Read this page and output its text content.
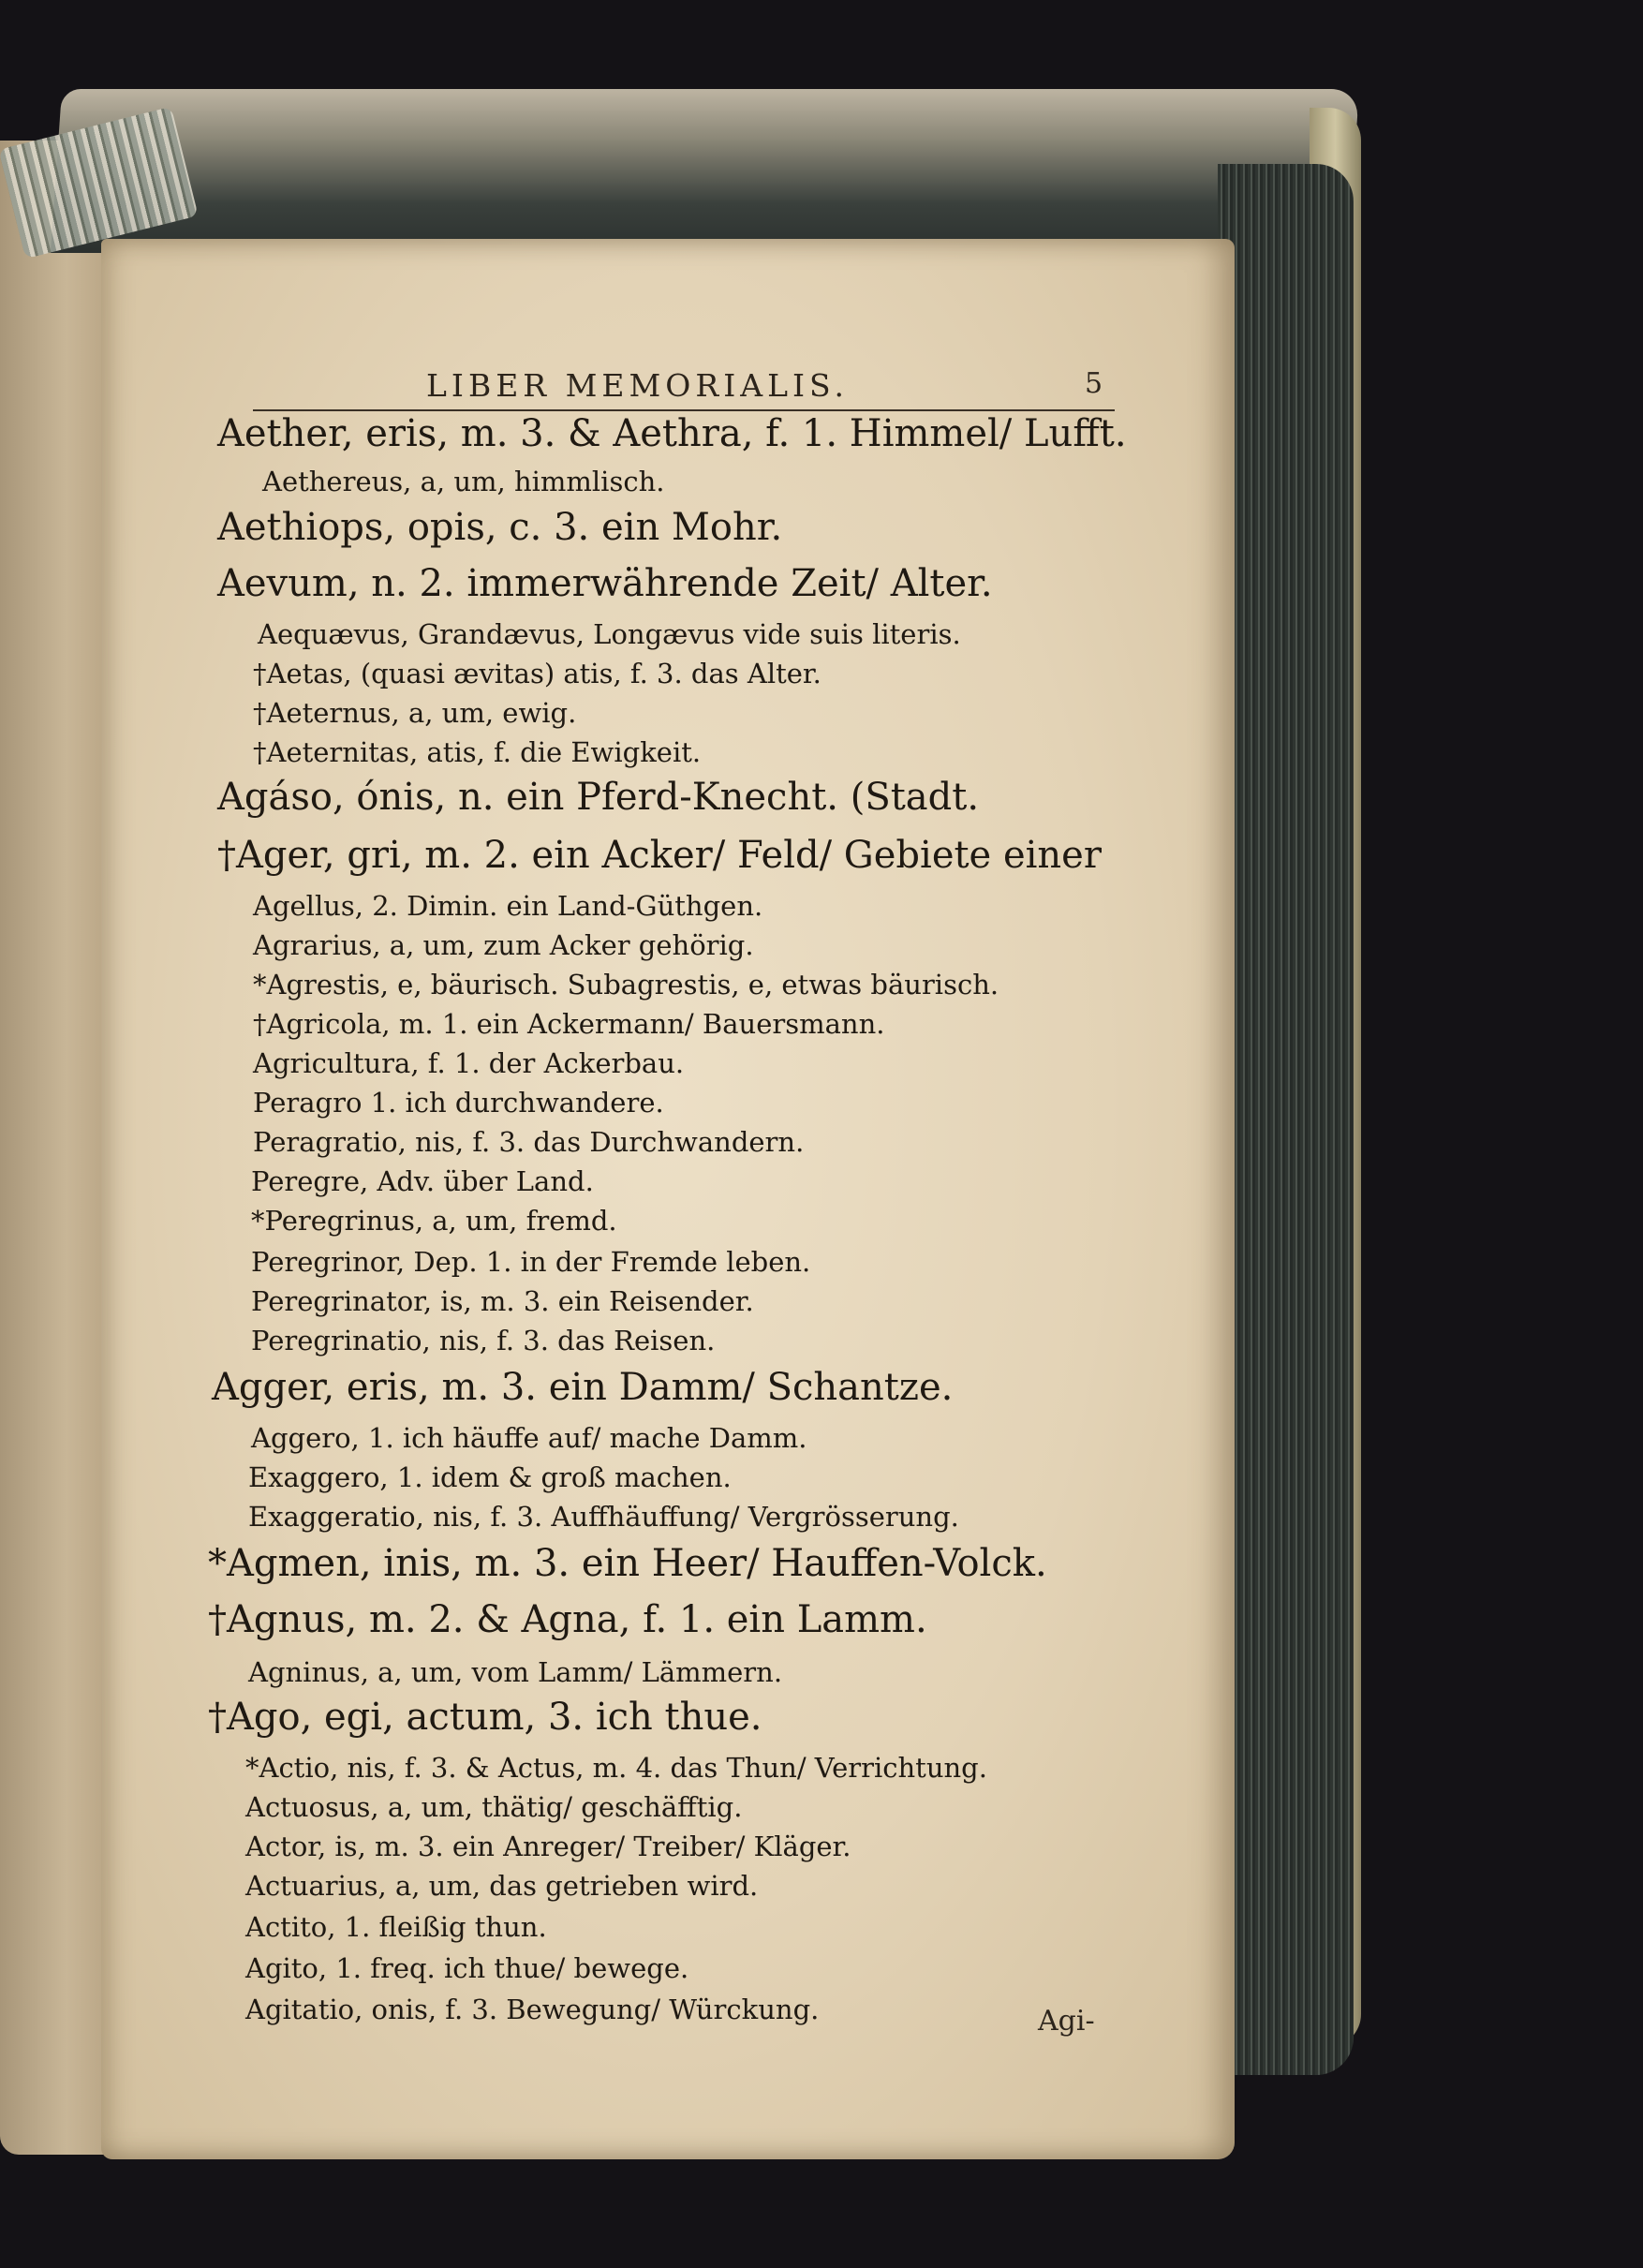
LIBER MEMORIALIS.	5
Aether, eris, m. 3. & Aethra, f. 1. Himmel/ Lufft.
Aethereus, a, um, himmlisch.
Aethiops, opis, c. 3. ein Mohr.
Aevum, n. 2. immerwährende Zeit/ Alter.
Aequævus, Grandævus, Longævus vide suis literis.
†Aetas, (quasi ævitas) atis, f. 3. das Alter.
†Aeternus, a, um, ewig.
†Aeternitas, atis, f. die Ewigkeit.
Agáso, ónis, n. ein Pferd-Knecht. (Stadt.
†Ager, gri, m. 2. ein Acker/ Feld/ Gebiete einer
Agellus, 2. Dimin. ein Land-Güthgen.
Agrarius, a, um, zum Acker gehörig.
*Agrestis, e, bäurisch. Subagrestis, e, etwas bäurisch.
†Agricola, m. 1. ein Ackermann/ Bauersmann.
Agricultura, f. 1. der Ackerbau.
Peragro 1. ich durchwandere.
Peragratio, nis, f. 3. das Durchwandern.
Peregre, Adv. über Land.
*Peregrinus, a, um, fremd.
Peregrinor, Dep. 1. in der Fremde leben.
Peregrinator, is, m. 3. ein Reisender.
Peregrinatio, nis, f. 3. das Reisen.
Agger, eris, m. 3. ein Damm/ Schantze.
Aggero, 1. ich häuffe auf/ mache Damm.
Exaggero, 1. idem & groß machen.
Exaggeratio, nis, f. 3. Auffhäuffung/ Vergrösserung.
*Agmen, inis, m. 3. ein Heer/ Hauffen-Volck.
†Agnus, m. 2. & Agna, f. 1. ein Lamm.
Agninus, a, um, vom Lamm/ Lämmern.
†Ago, egi, actum, 3. ich thue.
*Actio, nis, f. 3. & Actus, m. 4. das Thun/ Verrichtung.
Actuosus, a, um, thätig/ geschäfftig.
Actor, is, m. 3. ein Anreger/ Treiber/ Kläger.
Actuarius, a, um, das getrieben wird.
Actito, 1. fleißig thun.
Agito, 1. freq. ich thue/ bewege.
Agitatio, onis, f. 3. Bewegung/ Würckung.	Agi-
